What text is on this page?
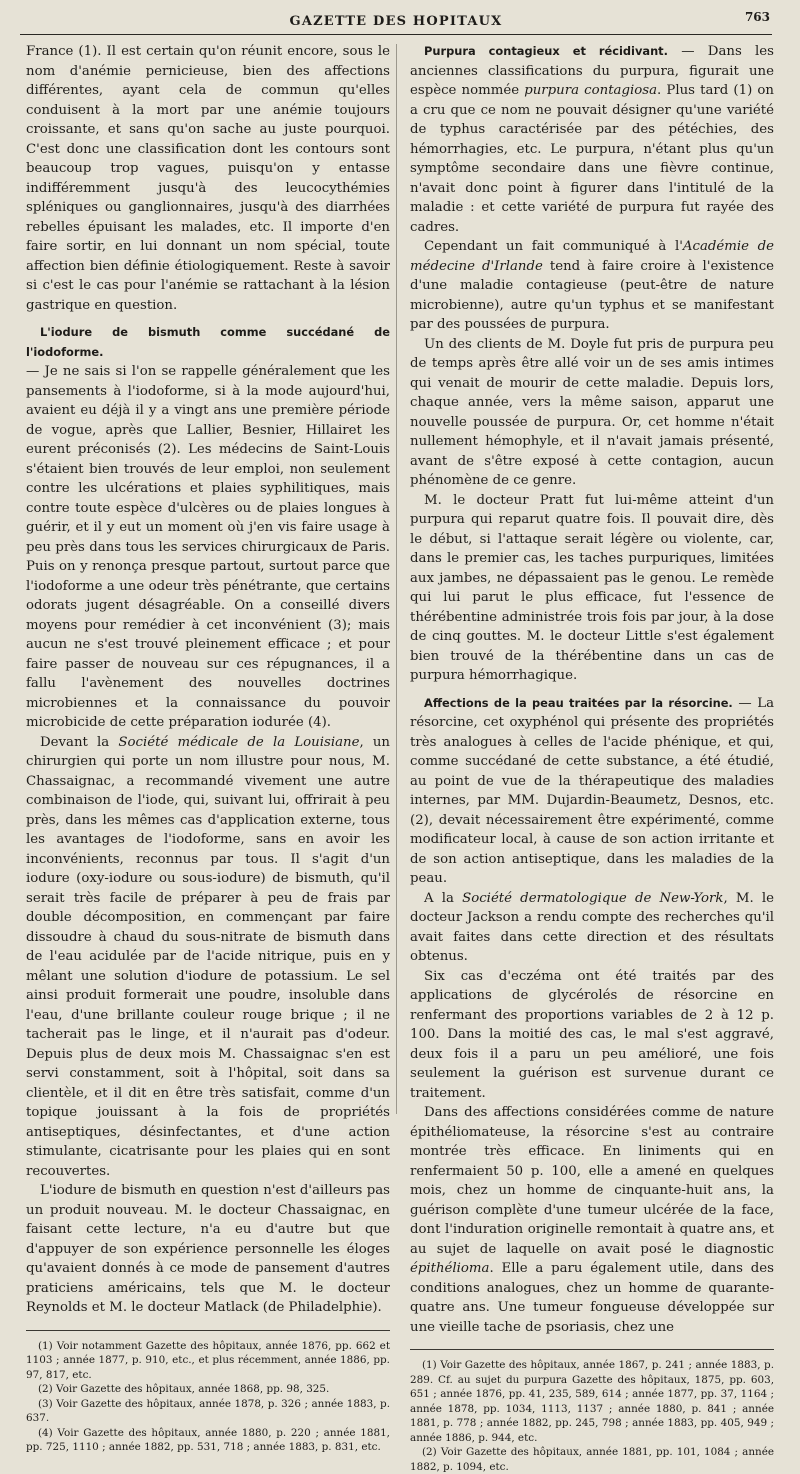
GAZETTE DES HOPITAUX	763

France (1). Il est certain qu'on réunit encore, sous le nom d'anémie pernicieuse, bien des affections différentes, ayant cela de commun qu'elles conduisent à la mort par une anémie toujours croissante, et sans qu'on sache au juste pourquoi. C'est donc une classification dont les contours sont beaucoup trop vagues, puisqu'on y entasse indifféremment jusqu'à des leucocythémies spléniques ou ganglionnaires, jusqu'à des diarrhées rebelles épuisant les malades, etc. Il importe d'en faire sortir, en lui donnant un nom spécial, toute affection bien définie étiologiquement. Reste à savoir si c'est le cas pour l'anémie se rattachant à la lésion gastrique en question.

L'iodure de bismuth comme succédané de l'iodoforme.

— Je ne sais si l'on se rappelle généralement que les pansements à l'iodoforme, si à la mode aujourd'hui, avaient eu déjà il y a vingt ans une première période de vogue, après que Lallier, Besnier, Hillairet les eurent préconisés (2). Les médecins de Saint-Louis s'étaient bien trouvés de leur emploi, non seulement contre les ulcérations et plaies syphilitiques, mais contre toute espèce d'ulcères ou de plaies longues à guérir, et il y eut un moment où j'en vis faire usage à peu près dans tous les services chirurgicaux de Paris. Puis on y renonça presque partout, surtout parce que l'iodoforme a une odeur très pénétrante, que certains odorats jugent désagréable. On a conseillé divers moyens pour remédier à cet inconvénient (3); mais aucun ne s'est trouvé pleinement efficace ; et pour faire passer de nouveau sur ces répugnances, il a fallu l'avènement des nouvelles doctrines microbiennes et la connaissance du pouvoir microbicide de cette préparation iodurée (4).

Devant la Société médicale de la Louisiane, un chirurgien qui porte un nom illustre pour nous, M. Chassaignac, a recommandé vivement une autre combinaison de l'iode, qui, suivant lui, offrirait à peu près, dans les mêmes cas d'application externe, tous les avantages de l'iodoforme, sans en avoir les inconvénients, reconnus par tous. Il s'agit d'un iodure (oxy-iodure ou sous-iodure) de bismuth, qu'il serait très facile de préparer à peu de frais par double décomposition, en commençant par faire dissoudre à chaud du sous-nitrate de bismuth dans de l'eau acidulée par de l'acide nitrique, puis en y mêlant une solution d'iodure de potassium. Le sel ainsi produit formerait une poudre, insoluble dans l'eau, d'une brillante couleur rouge brique ; il ne tacherait pas le linge, et il n'aurait pas d'odeur. Depuis plus de deux mois M. Chassaignac s'en est servi constamment, soit à l'hôpital, soit dans sa clientèle, et il dit en être très satisfait, comme d'un topique jouissant à la fois de propriétés antiseptiques, désinfectantes, et d'une action stimulante, cicatrisante pour les plaies qui en sont recouvertes.

L'iodure de bismuth en question n'est d'ailleurs pas un produit nouveau. M. le docteur Chassaignac, en faisant cette lecture, n'a eu d'autre but que d'appuyer de son expérience personnelle les éloges qu'avaient donnés à ce mode de pansement d'autres praticiens américains, tels que M. le docteur Reynolds et M. le docteur Matlack (de Philadelphie).

(1) Voir notamment Gazette des hôpitaux, année 1876, pp. 662 et 1103 ; année 1877, p. 910, etc., et plus récemment, année 1886, pp. 97, 817, etc.

(2) Voir Gazette des hôpitaux, année 1868, pp. 98, 325.

(3) Voir Gazette des hôpitaux, année 1878, p. 326 ; année 1883, p. 637.

(4) Voir Gazette des hôpitaux, année 1880, p. 220 ; année 1881, pp. 725, 1110 ; année 1882, pp. 531, 718 ; année 1883, p. 831, etc.

Purpura contagieux et récidivant. — Dans les anciennes classifications du purpura, figurait une espèce nommée purpura contagiosa. Plus tard (1) on a cru que ce nom ne pouvait désigner qu'une variété de typhus caractérisée par des pétéchies, des hémorrhagies, etc. Le purpura, n'étant plus qu'un symptôme secondaire dans une fièvre continue, n'avait donc point à figurer dans l'intitulé de la maladie : et cette variété de purpura fut rayée des cadres.

Cependant un fait communiqué à l'Académie de médecine d'Irlande tend à faire croire à l'existence d'une maladie contagieuse (peut-être de nature microbienne), autre qu'un typhus et se manifestant par des poussées de purpura.

Un des clients de M. Doyle fut pris de purpura peu de temps après être allé voir un de ses amis intimes qui venait de mourir de cette maladie. Depuis lors, chaque année, vers la même saison, apparut une nouvelle poussée de purpura. Or, cet homme n'était nullement hémophyle, et il n'avait jamais présenté, avant de s'être exposé à cette contagion, aucun phénomène de ce genre.

M. le docteur Pratt fut lui-même atteint d'un purpura qui reparut quatre fois. Il pouvait dire, dès le début, si l'attaque serait légère ou violente, car, dans le premier cas, les taches purpuriques, limitées aux jambes, ne dépassaient pas le genou. Le remède qui lui parut le plus efficace, fut l'essence de thérébentine administrée trois fois par jour, à la dose de cinq gouttes. M. le docteur Little s'est également bien trouvé de la thérébentine dans un cas de purpura hémorrhagique.

Affections de la peau traitées par la résorcine. — La résorcine, cet oxyphénol qui présente des propriétés très analogues à celles de l'acide phénique, et qui, comme succédané de cette substance, a été étudié, au point de vue de la thérapeutique des maladies internes, par MM. Dujardin-Beaumetz, Desnos, etc. (2), devait nécessairement être expérimenté, comme modificateur local, à cause de son action irritante et de son action antiseptique, dans les maladies de la peau.

A la Société dermatologique de New-York, M. le docteur Jackson a rendu compte des recherches qu'il avait faites dans cette direction et des résultats obtenus.

Six cas d'eczéma ont été traités par des applications de glycérolés de résorcine en renfermant des proportions variables de 2 à 12 p. 100. Dans la moitié des cas, le mal s'est aggravé, deux fois il a paru un peu amélioré, une fois seulement la guérison est survenue durant ce traitement.

Dans des affections considérées comme de nature épithéliomateuse, la résorcine s'est au contraire montrée très efficace. En liniments qui en renfermaient 50 p. 100, elle a amené en quelques mois, chez un homme de cinquante-huit ans, la guérison complète d'une tumeur ulcérée de la face, dont l'induration originelle remontait à quatre ans, et au sujet de laquelle on avait posé le diagnostic épithélioma. Elle a paru également utile, dans des conditions analogues, chez un homme de quarante-quatre ans. Une tumeur fongueuse développée sur une vieille tache de psoriasis, chez une

(1) Voir Gazette des hôpitaux, année 1867, p. 241 ; année 1883, p. 289. Cf. au sujet du purpura Gazette des hôpitaux, 1875, pp. 603, 651 ; année 1876, pp. 41, 235, 589, 614 ; année 1877, pp. 37, 1164 ; année 1878, pp. 1034, 1113, 1137 ; année 1880, p. 841 ; année 1881, p. 778 ; année 1882, pp. 245, 798 ; année 1883, pp. 405, 949 ; année 1886, p. 944, etc.

(2) Voir Gazette des hôpitaux, année 1881, pp. 101, 1084 ; année 1882, p. 1094, etc.
